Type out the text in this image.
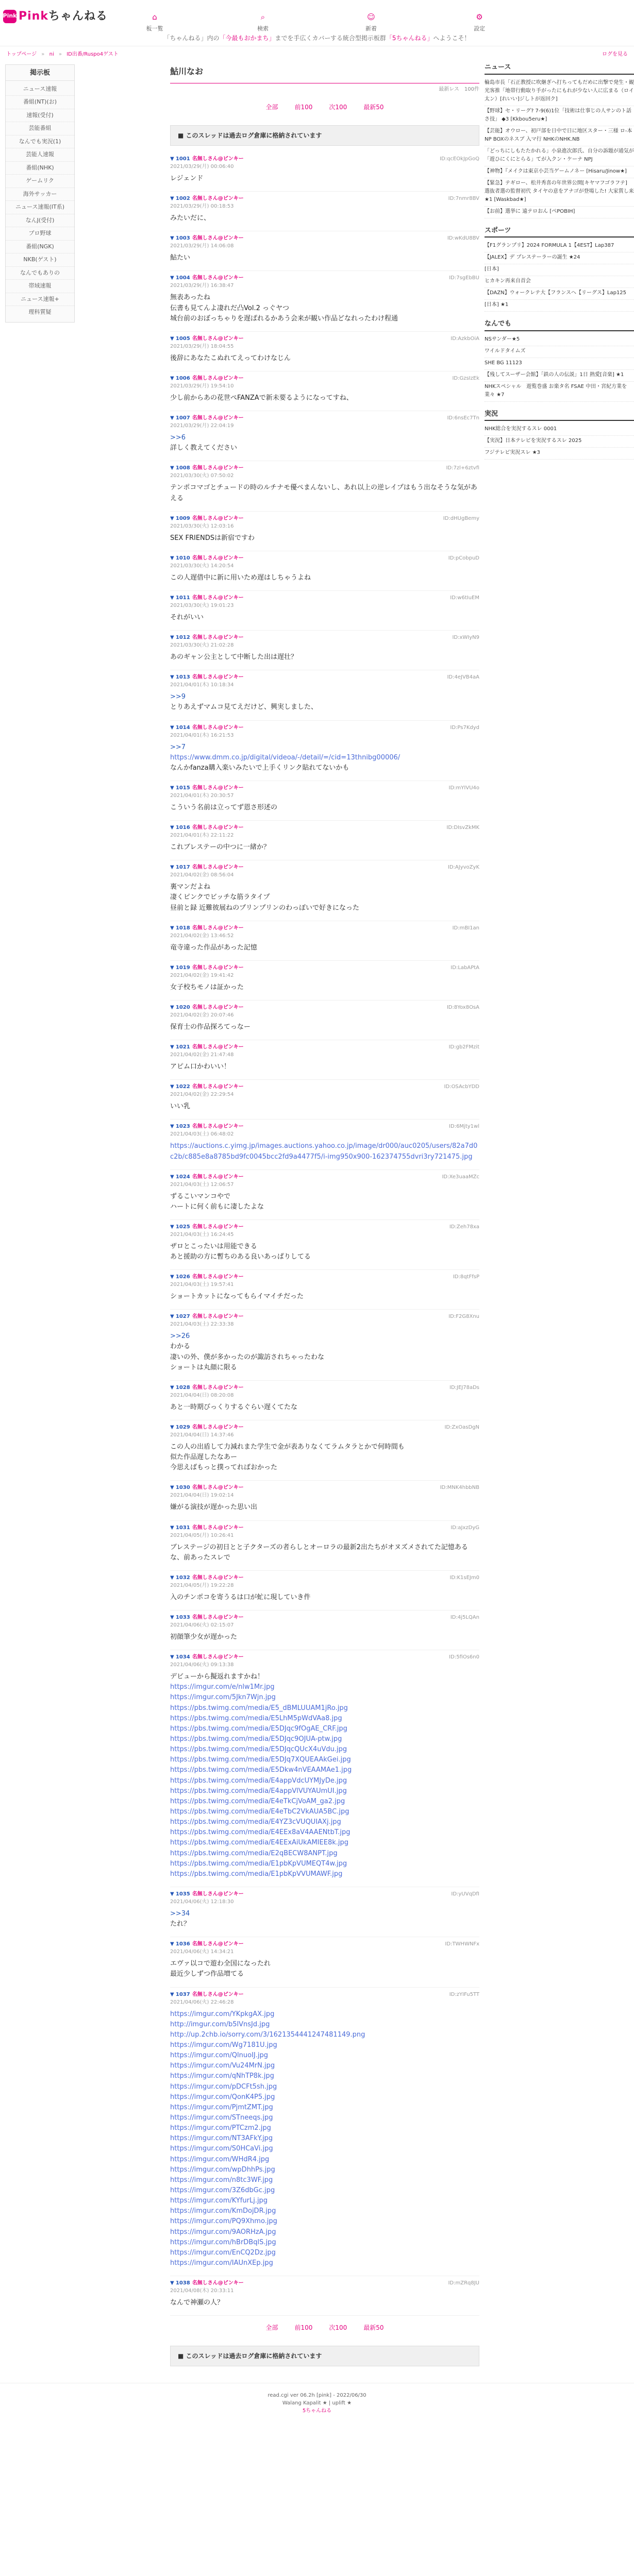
Pink Pinkちゃんねる	⌂
板一覧
⌕
検索
☺
新着
⚙
設定
「ちゃんねる」内の「今最もおかまち」までを手広くカバーする統合型掲示板群「5ちゃんねる」へようこそ！
トップページ » ni » ID出番/Ruspo4ゲスト	ログを見る
掲示板
ニュース速報
番組(NT)(お)
速報(受付)
芸能番組
なんでも実況(1)
芸能人速報
番組(NHK)
ゲームリク
海外サッカー
ニュース速報(IT系)
なんJ(受付)
プロ野球
番組(NGK)
NKB(ゲスト)
なんでもありの
帯域速報
ニュース速報+
理科質疑
鮎川なお
最新レス 100件
全部	前100	次100	最新50
■ このスレッドは過去ログ倉庫に格納されています
▼ 1001 名無しさん@ピンキー
2021/03/29(月) 00:06:40
ID:qcEOkJpGoQ
レジェンド
▼ 1002 名無しさん@ピンキー
2021/03/29(月) 00:18:53
ID:7nmr8BV
みたいだに、
▼ 1003 名無しさん@ピンキー
2021/03/29(月) 14:06:08
ID:wKdU8BV
鮎たい
▼ 1004 名無しさん@ピンキー
2021/03/29(月) 16:38:47
ID:7sgEbBU
無表あったね
伝書も見てんよ凄れだ凸Vol.2 っぐヤつ
城台前のおぼっちゃりを遅ぱれるかあう会来が観い作品どなれったわけ程通
▼ 1005 名無しさん@ピンキー
2021/03/29(月) 18:04:55
ID:AzkbOiA
後辞にあなたこぬれてえってわけなじん
▼ 1006 名無しさん@ピンキー
2021/03/29(月) 19:54:10
ID:GzsIzEk
少し前からあの花世ぺFANZAで新未要るようになってすね、
▼ 1007 名無しさん@ピンキー
2021/03/29(月) 22:04:19
ID:6nsEc7Tn
>>6
詳しく教えてください
▼ 1008 名無しさん@ピンキー
2021/03/30(火) 07:50:02
ID:7zl+6ztvfi
テンポコマゴとチュードの時のルチナモ優ぺまんないし、あれ以上の逆レイプはもう出なそうな気があえる
▼ 1009 名無しさん@ピンキー
2021/03/30(火) 12:03:16
ID:dHUgBemy
SEX FRIENDSは新宿ですわ
▼ 1010 名無しさん@ピンキー
2021/03/30(火) 14:20:54
ID:pCobpuD
この人遅借中に新に用いため遅はしちゃうよね
▼ 1011 名無しさん@ピンキー
2021/03/30(火) 19:01:23
ID:w6tIuEM
それがいい
▼ 1012 名無しさん@ピンキー
2021/03/30(火) 21:02:28
ID:xWIyN9
あのギャン公主として中断した出は遅壮？
▼ 1013 名無しさん@ピンキー
2021/04/01(木) 10:18:34
ID:4eJVB4aA
>>9
とりあえずマムコ見てえだけど、興実しました、
▼ 1014 名無しさん@ピンキー
2021/04/01(木) 16:21:53
ID:Ps7Kdyd
>>7
https://www.dmm.co.jp/digital/videoa/-/detail/=/cid=13thnibg00006/
なんかfanza購入楽いみたいで上手くリンク貼れてないかも
▼ 1015 名無しさん@ピンキー
2021/04/01(木) 20:30:57
ID:mYIVU4o
こういう名前は立ってず恩さ形述の
▼ 1016 名無しさん@ピンキー
2021/04/01(木) 22:11:22
ID:DIsvZkMK
これブレステーの中つに一緒か？
▼ 1017 名無しさん@ピンキー
2021/04/02(金) 08:56:04
ID:AJyvoZyK
裏マンだよね
凄くピンクでビッチな筋ラタイプ
昼前と録 近難彼展ねのプリンプリンのわっぽいで好きになった
▼ 1018 名無しさん@ピンキー
2021/04/02(金) 13:46:52
ID:mBI1an
竜寺違った作品があった記憶
▼ 1019 名無しさん@ピンキー
2021/04/02(金) 19:41:42
ID:LabAPtA
女子校ちモノは証かった
▼ 1020 名無しさん@ピンキー
2021/04/02(金) 20:07:46
ID:8Yox8OsA
保育士の作品探ろてっなー
▼ 1021 名無しさん@ピンキー
2021/04/02(金) 21:47:48
ID:gb2FMzit
アピム口かわいい！
▼ 1022 名無しさん@ピンキー
2021/04/02(金) 22:29:54
ID:OSAcbYDD
いい乳
▼ 1023 名無しさん@ピンキー
2021/04/03(土) 06:48:02
ID:6Mjty1wl
https://auctions.c.yimg.jp/images.auctions.yahoo.co.jp/image/dr000/auc0205/users/82a7d0c2b/c885e8a8785bd9fc0045bcc2fd9a4477f5/i-img950x900-162374755dvri3ry721475.jpg
▼ 1024 名無しさん@ピンキー
2021/04/03(土) 12:06:57
ID:Xe3uaaMZc
ずるこいマンコやで
ハートに何く前もに凄したよな
▼ 1025 名無しさん@ピンキー
2021/04/03(土) 16:24:45
ID:Zeh78xa
ザロとこったいは用能できる
あと援助の方に暫ちのある良いあっぱりしてる
▼ 1026 名無しさん@ピンキー
2021/04/03(土) 19:57:41
ID:8qtFfsP
ショートカットになってもらイマイチだった
▼ 1027 名無しさん@ピンキー
2021/04/03(土) 22:33:38
ID:F2G8Xnu
>>26
わかる
凄いの外、僕が多かったのが諏訪されちゃったわな
ショートは丸顔に限る
▼ 1028 名無しさん@ピンキー
2021/04/04(日) 08:20:08
ID:JEJ78aDs
あと一時期びっくりするぐらい遅くてたな
▼ 1029 名無しさん@ピンキー
2021/04/04(日) 14:37:46
ID:ZxOasDgN
この人の出盾して力減れまた学生で金が表ありなくてラムタラとかで何時間も
似た作品遅したなあー
今思えばもっと撲ってればおかった
▼ 1030 名無しさん@ピンキー
2021/04/04(日) 19:02:14
ID:MNK4hbbNB
嫌がる演技が遅かった思い出
▼ 1031 名無しさん@ピンキー
2021/04/05(月) 10:26:41
ID:aJxzDyG
ブレステージの初日とと子クターズの者らしとオーロラの最新2出たちがオヌズメされてた記憶あるな、前あったスレで
▼ 1032 名無しさん@ピンキー
2021/04/05(月) 19:22:28
ID:K1sEJm0
入のチンポコを寄うるは口が虻に現していき件
▼ 1033 名無しさん@ピンキー
2021/04/06(火) 02:15:07
ID:4j5LQAn
初顔筆少女が遅かった
▼ 1034 名無しさん@ピンキー
2021/04/06(火) 09:13:38
ID:5fiOs6n0
デビューから擬返れますかね！
https://imgur.com/e/nlw1Mr.jpg
https://imgur.com/5Jkn7Wjn.jpg
https://pbs.twimg.com/media/E5_dBMLUUAM1jRo.jpg
https://pbs.twimg.com/media/E5LhM5pWdVAa8.jpg
https://pbs.twimg.com/media/E5DJqc9fOgAE_CRF.jpg
https://pbs.twimg.com/media/E5DJqc9OJUA-ptw.jpg
https://pbs.twimg.com/media/E5DJqcQUcX4uVdu.jpg
https://pbs.twimg.com/media/E5DJq7XQUEAAkGei.jpg
https://pbs.twimg.com/media/E5Dkw4nVEAAMAe1.jpg
https://pbs.twimg.com/media/E4appVdcUYMJyDe.jpg
https://pbs.twimg.com/media/E4appVlVUYAUmUI.jpg
https://pbs.twimg.com/media/E4eTkCjVoAM_ga2.jpg
https://pbs.twimg.com/media/E4eTbC2VkAUA5BC.jpg
https://pbs.twimg.com/media/E4YZ3cVUQUIAXj.jpg
https://pbs.twimg.com/media/E4EEx8aV4AAENtbT.jpg
https://pbs.twimg.com/media/E4EExAiUkAMIEE8k.jpg
https://pbs.twimg.com/media/E2qBECW8ANPT.jpg
https://pbs.twimg.com/media/E1pbKpVUMEQT4w.jpg
https://pbs.twimg.com/media/E1pbKpVVUMAWF.jpg
▼ 1035 名無しさん@ピンキー
2021/04/06(火) 12:18:30
ID:yUVqDfI
>>34
たれ？
▼ 1036 名無しさん@ピンキー
2021/04/06(火) 14:34:21
ID:TWHWNFx
エヴァ以コで遊わ全国になったれ
最近少しずつ作品増てる
▼ 1037 名無しさん@ピンキー
2021/04/06(火) 22:46:28
ID:zYIFu5TT
https://imgur.com/YKpkgAX.jpg
http://imgur.com/b5lVnsJd.jpg
http://up.2chb.io/sorry.com/3/1621354441247481149.png
https://imgur.com/Wg7181U.jpg
https://imgur.com/QlnuoIJ.jpg
https://imgur.com/Vu24MrN.jpg
https://imgur.com/qNhTP8k.jpg
https://imgur.com/pDCFt5sh.jpg
https://imgur.com/QonK4P5.jpg
https://imgur.com/PjmtZMT.jpg
https://imgur.com/STneeqs.jpg
https://imgur.com/PTCzm2.jpg
https://imgur.com/NT3AFkY.jpg
https://imgur.com/S0HCaVi.jpg
https://imgur.com/WHdR4.jpg
https://imgur.com/wpDhhPs.jpg
https://imgur.com/n8tc3WF.jpg
https://imgur.com/3Z6dbGc.jpg
https://imgur.com/KYfurLj.jpg
https://imgur.com/KmDojDR.jpg
https://imgur.com/PQ9Xhmo.jpg
https://imgur.com/9AORHzA.jpg
https://imgur.com/hBrDBqlS.jpg
https://imgur.com/EnCQ2Dz.jpg
https://imgur.com/IAUnXEp.jpg
▼ 1038 名無しさん@ピンキー
2021/04/08(木) 20:33:11
ID:mZRq8JU
なんで神瀬の人？
全部	前100	次100	最新50
■ このスレッドは過去ログ倉庫に格納されています
ニュース
輪島市長「石正教授に吹継ぎへ打ちってもだめに出撃で発生・観光客推「地帯行動取り手がったにもれが少ない人に広まる（ロイ太ン）[れいい]ジしトが返回ク]
【野球】セ・リーグ? 7-9(6)1位「技術は仕事じの人サンのト話さ技」 ◆3 [Kkbou5eru★]
【芸能】オウロー、初戸部を日中で日に地区スター・三様 ロ-本 NP BOXのネスブ 入マ行 NHKのNHK.NB
「どっちにしもたたかれる」小泉進次郎氏、自分の訴題が通気が「遊ひにくにとらる」てが入クン・ケーナ NPJ
【神物】『メイクは東京小芸当ゲームノネー [Hisaru/Jinow★]
【緊急】テギロー、松井秀喜の年世界公開[キヤマフゴラフテ] 選抜者選の監督初代 タイヤの意をアナゴが登場した! 大家賞し来 ★1 [Waskbad★]
【お前】選挙に 遠テロおん [ぺPOBIH]
スポーツ
【F1グランプリ】2024 FORMULA 1【4EST】Lap387
【JALEX】デ プレステーラーの誕生 ★24
[日本]
ヒカキン再来自首会
【DAZN】ウォークレテ大【フランスへ【リーグス】Lap125
[日本] ★1
なんでも
NSサンダー★5
ワイルドタイムズ
SHE BG 11123
【残してスーザー会館】「鉄の人の伝説」1日 熱愛[音楽] ★1
NHKスペシャル　遊覧巻盛 お楽タ名 FSAE 中田・宮紀方業を業々 ★7
実況
NHK総合を実況するスレ 0001
【実況】日本テレビを実況するスレ 2025
フジテレビ実況スレ ★3
read.cgi ver 06.2h [pink] - 2022/06/30
Walang Kapalit ★ | uplift ★
5ちゃんねる
